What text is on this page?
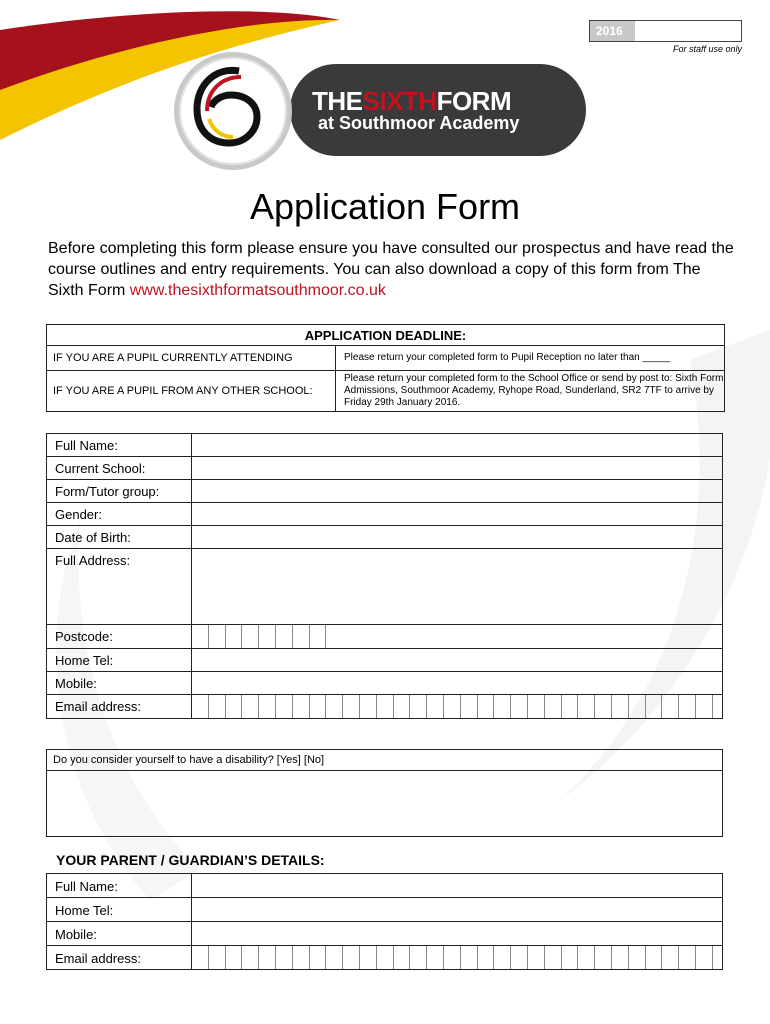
2016
For staff use only
THESIXTHFORM
at Southmoor Academy
Application Form
Before completing this form please ensure you have consulted our prospectus and have read the course outlines and entry requirements. You can also download a copy of this form from The Sixth Form www.thesixthformatsouthmoor.co.uk
APPLICATION DEADLINE:	
IF YOU ARE A PUPIL CURRENTLY ATTENDING	Please return your completed form to Pupil Reception no later than _____
IF YOU ARE A PUPIL FROM ANY OTHER SCHOOL:	Please return your completed form to the School Office or send by post to: Sixth Form Admissions, Southmoor Academy, Ryhope Road, Sunderland, SR2 7TF to arrive by Friday 29th January 2016.
Full Name:	
Current School:	
Form/Tutor group:	
Gender:	
Date of Birth:	
Full Address:	
Postcode:	

Home Tel:	
Mobile:	
Email address:	
Do you consider yourself to have a disability? [Yes] [No]
YOUR PARENT / GUARDIAN’S DETAILS:
Full Name:	
Home Tel:	
Mobile:	
Email address:	
